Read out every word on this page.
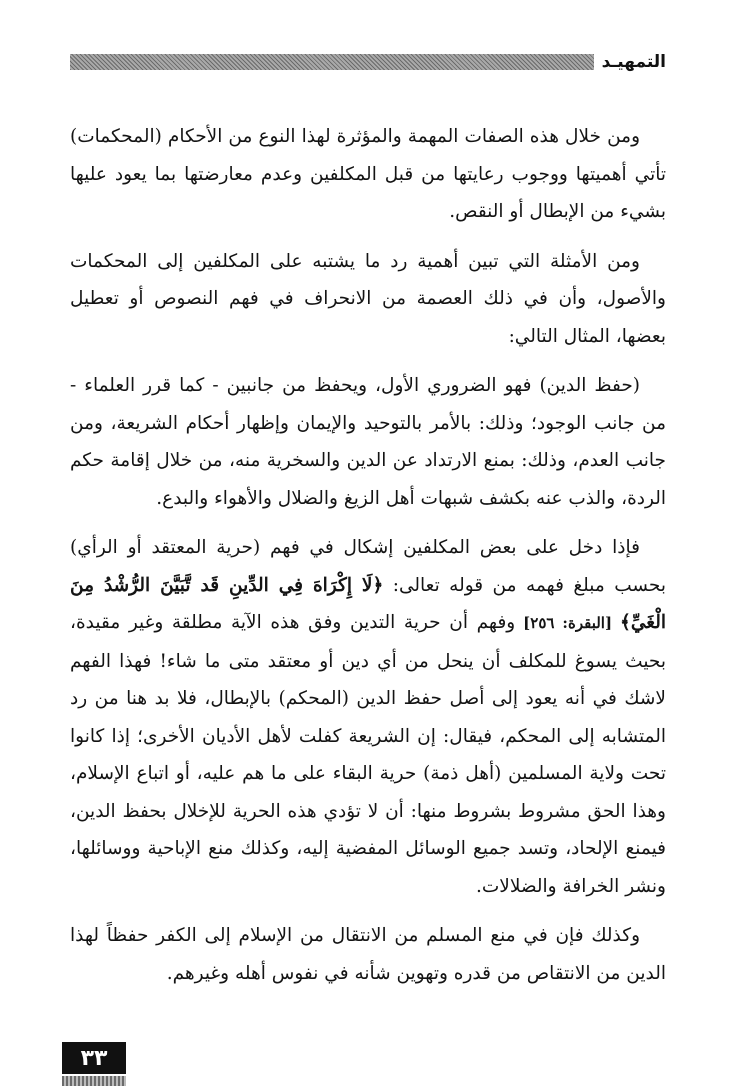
التمهيـد

ومن خلال هذه الصفات المهمة والمؤثرة لهذا النوع من الأحكام (المحكمات) تأتي أهميتها ووجوب رعايتها من قبل المكلفين وعدم معارضتها بما يعود عليها بشيء من الإبطال أو النقص.

ومن الأمثلة التي تبين أهمية رد ما يشتبه على المكلفين إلى المحكمات والأصول، وأن في ذلك العصمة من الانحراف في فهم النصوص أو تعطيل بعضها، المثال التالي:

(حفظ الدين) فهو الضروري الأول، ويحفظ من جانبين - كما قرر العلماء - من جانب الوجود؛ وذلك: بالأمر بالتوحيد والإيمان وإظهار أحكام الشريعة، ومن جانب العدم، وذلك: بمنع الارتداد عن الدين والسخرية منه، من خلال إقامة حكم الردة، والذب عنه بكشف شبهات أهل الزيغ والضلال والأهواء والبدع.

فإذا دخل على بعض المكلفين إشكال في فهم (حرية المعتقد أو الرأي) بحسب مبلغ فهمه من قوله تعالى: ﴿لَا إِكْرَاهَ فِي الدِّينِ قَد تَّبَيَّنَ الرُّشْدُ مِنَ الْغَيِّ﴾ [البقرة: ٢٥٦] وفهم أن حرية التدين وفق هذه الآية مطلقة وغير مقيدة، بحيث يسوغ للمكلف أن ينحل من أي دين أو معتقد متى ما شاء! فهذا الفهم لاشك في أنه يعود إلى أصل حفظ الدين (المحكم) بالإبطال، فلا بد هنا من رد المتشابه إلى المحكم، فيقال: إن الشريعة كفلت لأهل الأديان الأخرى؛ إذا كانوا تحت ولاية المسلمين (أهل ذمة) حرية البقاء على ما هم عليه، أو اتباع الإسلام، وهذا الحق مشروط بشروط منها: أن لا تؤدي هذه الحرية للإخلال بحفظ الدين، فيمنع الإلحاد، وتسد جميع الوسائل المفضية إليه، وكذلك منع الإباحية ووسائلها، ونشر الخرافة والضلالات.

وكذلك فإن في منع المسلم من الانتقال من الإسلام إلى الكفر حفظاً لهذا الدين من الانتقاص من قدره وتهوين شأنه في نفوس أهله وغيرهم.

٣٣
